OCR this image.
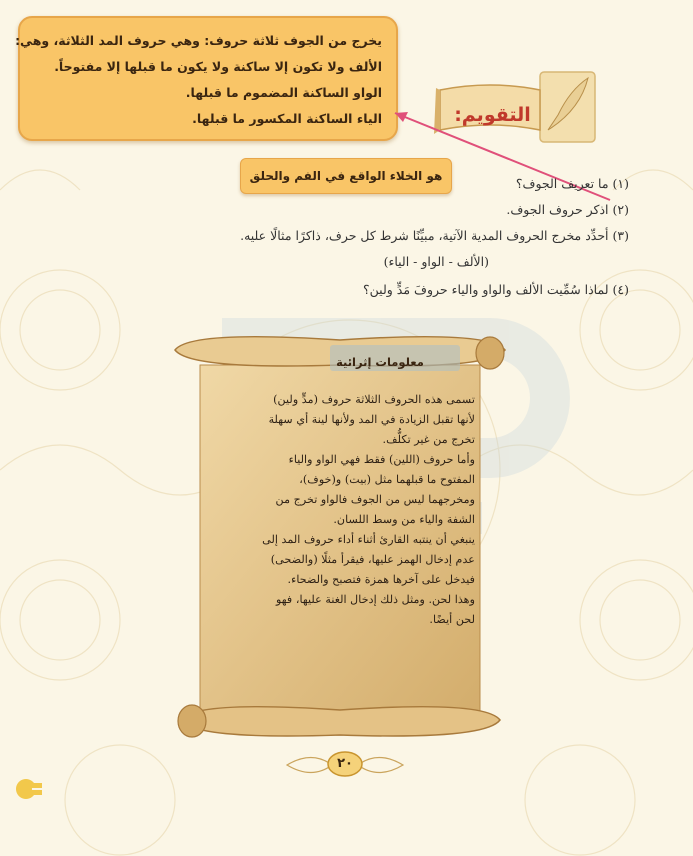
التقويم:
يخرج من الجوف ثلاثة حروف: وهي حروف المد الثلاثة، وهي:
الألف ولا تكون إلا ساكنة ولا يكون ما قبلها إلا مفتوحاً.
الواو الساكنة المضموم ما قبلها.
الياء الساكنة المكسور ما قبلها.
هو الخلاء الواقع في الفم والحلق	(١) ما تعريف الجوف؟
(٢) اذكر حروف الجوف.
(٣) أحدِّد مخرج الحروف المدية الآتية، مبيِّنًا شرط كل حرف، ذاكرًا مثالًا عليه.
(الألف - الواو - الياء)
(٤) لماذا سُمِّيت الألف والواو والياء حروفَ مَدٍّ ولين؟
معلومات إثرائية
تسمى هذه الحروف الثلاثة حروف (مدٍّ ولين)
لأنها تقبل الزيادة في المد ولأنها لينة أي سهلة
تخرج من غير تكلُّف.
وأما حروف (اللين) فقط فهي الواو والياء
المفتوح ما قبلهما مثل (بيت) و(خوف)،
ومخرجهما ليس من الجوف فالواو تخرج من
الشفة والياء من وسط اللسان.
ينبغي أن ينتبه القارئ أثناء أداء حروف المد إلى
عدم إدخال الهمز عليها، فيقرأ مثلًا (والضحى)
فيدخل على آخرها همزة فتصبح والضحاء.
وهذا لحن. ومثل ذلك إدخال الغنة عليها، فهو
لحن أيضًا.
٢٠
